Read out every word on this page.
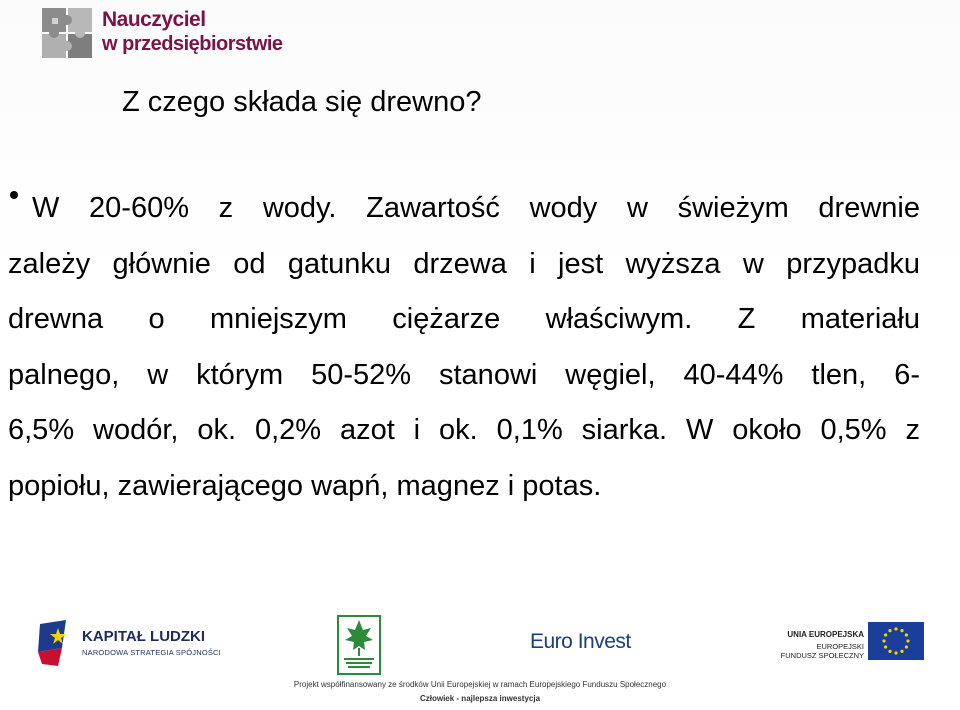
Nauczyciel
w przedsiębiorstwie
Z czego składa się drewno?
W 20-60% z wody. Zawartość wody w świeżym drewnie
zależy głównie od gatunku drzewa i jest wyższa w przypadku
drewna o mniejszym ciężarze właściwym. Z materiału
palnego, w którym 50-52% stanowi węgiel, 40-44% tlen, 6-
6,5% wodór, ok. 0,2% azot i ok. 0,1% siarka. W około 0,5% z
popiołu, zawierającego wapń, magnez i potas.
KAPITAŁ LUDZKI
NARODOWA STRATEGIA SPÓJNOŚCI	Euro Invest	UNIA EUROPEJSKA
EUROPEJSKI
FUNDUSZ SPOŁECZNY
Projekt współfinansowany ze środków Unii Europejskiej w ramach Europejskiego Funduszu Społecznego
Człowiek - najlepsza inwestycja
